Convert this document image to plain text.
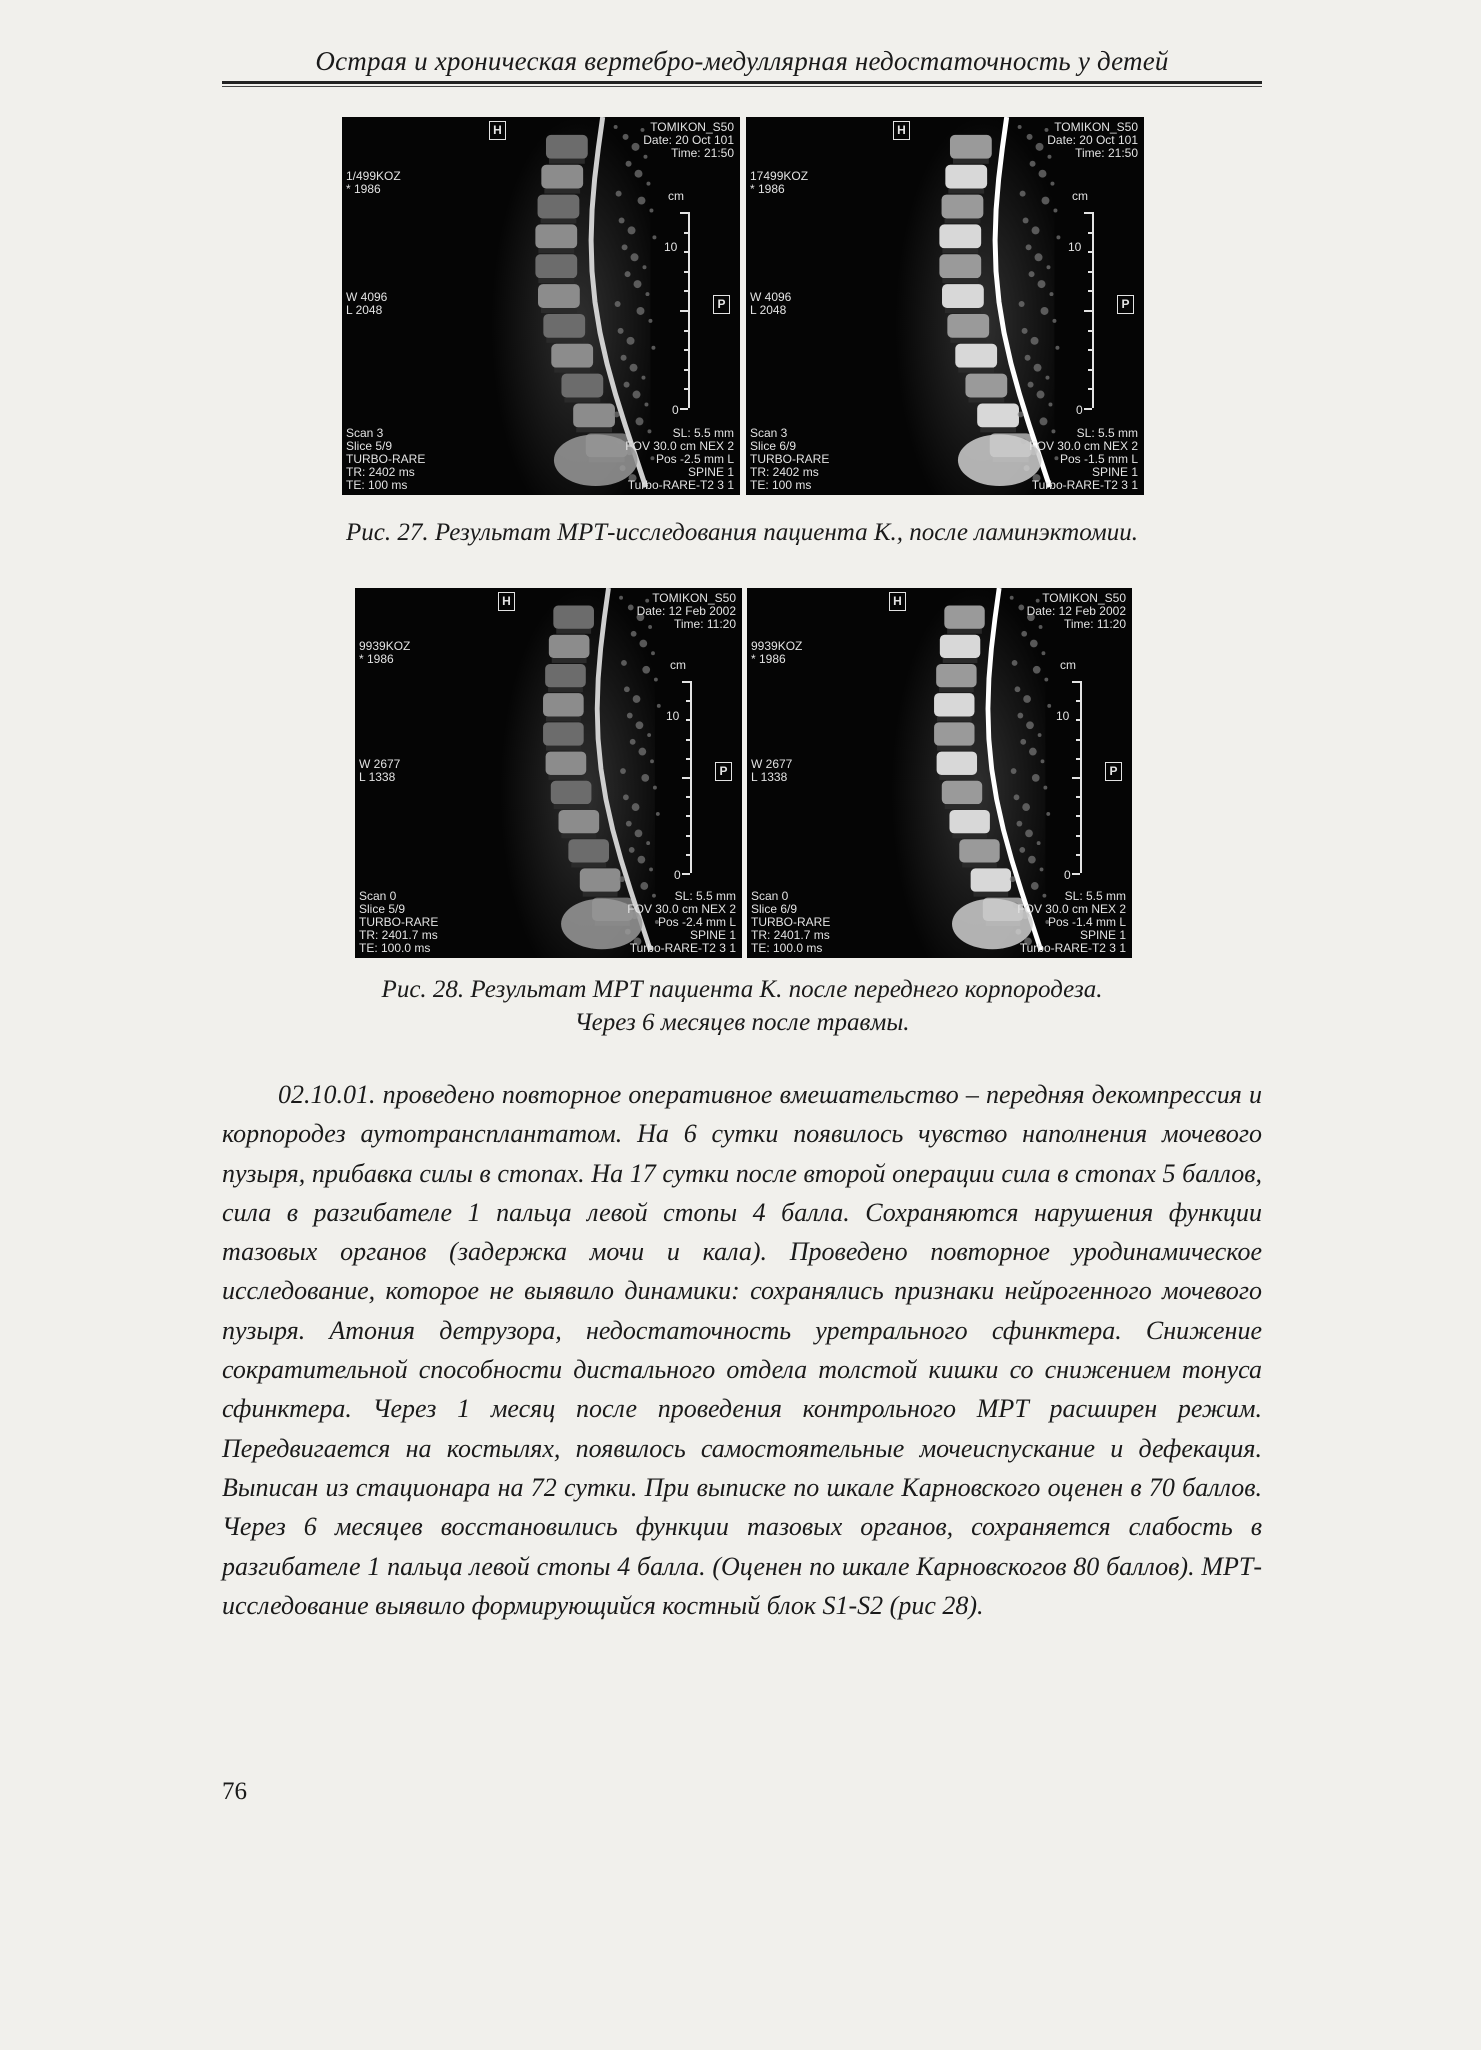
Острая и хроническая вертебро-медуллярная недостаточность у детей
H
P
TOMIKON_S50
Date: 20 Oct 101
Time: 21:50
1/499KOZ
* 1986
W 4096
L 2048
Scan 3
Slice 5/9
TURBO-RARE
TR: 2402 ms
TE: 100 ms
SL: 5.5 mm
FOV 30.0 cm NEX 2
Pos -2.5 mm L
SPINE 1
Turbo-RARE-T2 3 1
cm
10
0
H
P
TOMIKON_S50
Date: 20 Oct 101
Time: 21:50
17499KOZ
* 1986
W 4096
L 2048
Scan 3
Slice 6/9
TURBO-RARE
TR: 2402 ms
TE: 100 ms
SL: 5.5 mm
FOV 30.0 cm NEX 2
Pos -1.5 mm L
SPINE 1
Turbo-RARE-T2 3 1
cm
10
0
H
P
TOMIKON_S50
Date: 12 Feb 2002
Time: 11:20
9939KOZ
* 1986
W 2677
L 1338
Scan 0
Slice 5/9
TURBO-RARE
TR: 2401.7 ms
TE: 100.0 ms
SL: 5.5 mm
FOV 30.0 cm NEX 2
Pos -2.4 mm L
SPINE 1
Turbo-RARE-T2 3 1
cm
10
0
H
P
TOMIKON_S50
Date: 12 Feb 2002
Time: 11:20
9939KOZ
* 1986
W 2677
L 1338
Scan 0
Slice 6/9
TURBO-RARE
TR: 2401.7 ms
TE: 100.0 ms
SL: 5.5 mm
FOV 30.0 cm NEX 2
Pos -1.4 mm L
SPINE 1
Turbo-RARE-T2 3 1
cm
10
0
Рис. 27. Результат МРТ-исследования пациента К., после ламинэктомии.
Рис. 28. Результат МРТ пациента К. после переднего корпородеза.
Через 6 месяцев после травмы.
02.10.01. проведено повторное оперативное вмешательство – передняя декомпрессия и корпородез аутотрансплантатом. На 6 сутки появилось чувство наполнения мочевого пузыря, прибавка силы в стопах. На 17 сутки после второй операции сила в стопах 5 баллов, сила в разгибателе 1 пальца левой стопы 4 балла. Сохраняются нарушения функции тазовых органов (задержка мочи и кала). Проведено повторное уродинамическое исследование, которое не выявило динамики: сохранялись признаки нейрогенного мочевого пузыря. Атония детрузора, недостаточность уретрального сфинктера. Снижение сократительной способности дистального отдела толстой кишки со снижением тонуса сфинктера. Через 1 месяц после проведения контрольного МРТ расширен режим. Передвигается на костылях, появилось самостоятельные мочеиспускание и дефекация. Выписан из стационара на 72 сутки. При выписке по шкале Карновского оценен в 70 баллов. Через 6 месяцев восстановились функции тазовых органов, сохраняется слабость в разгибателе 1 пальца левой стопы 4 балла. (Оценен по шкале Карновскогов 80 баллов). МРТ-исследование выявило формирующийся костный блок S1-S2 (рис 28).
76
